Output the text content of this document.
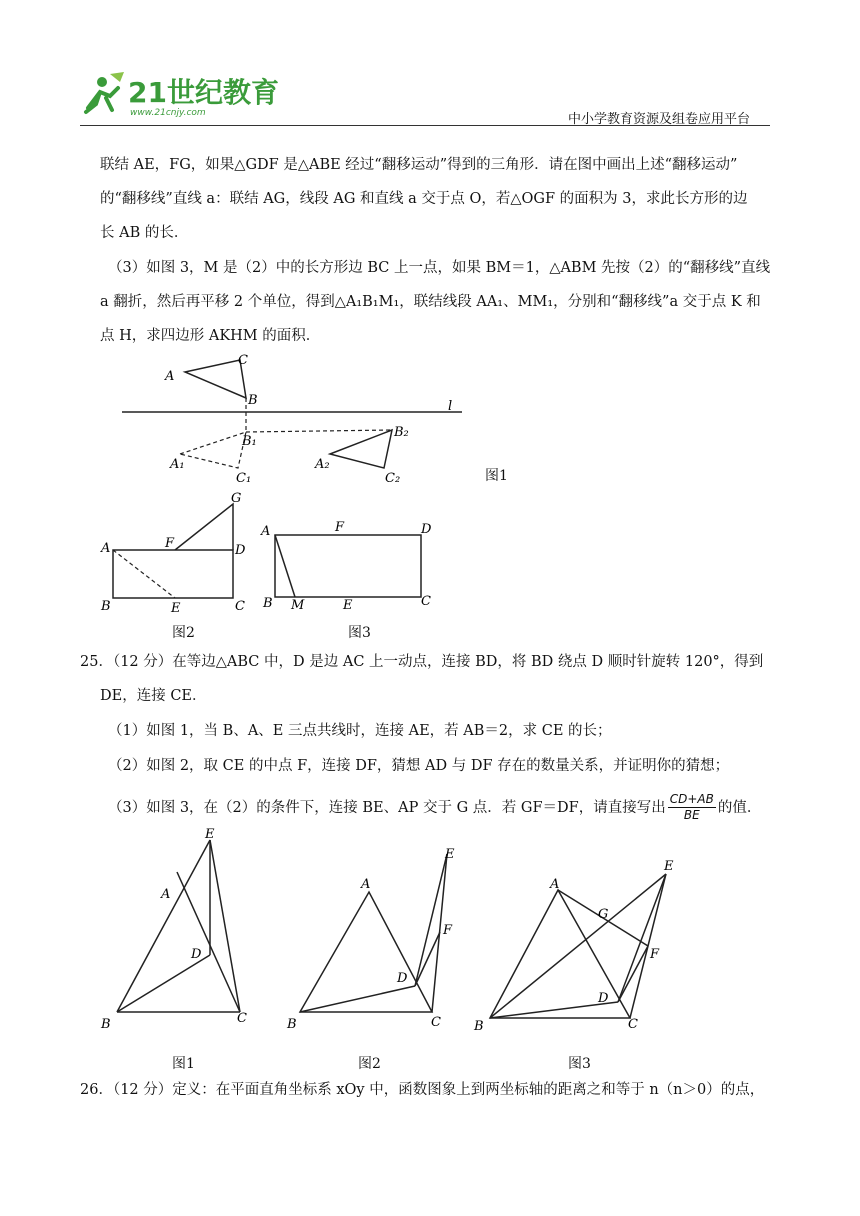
21世纪教育
www.21cnjy.com	中小学教育资源及组卷应用平台
联结 AE，FG，如果△GDF 是△ABE 经过“翻移运动”得到的三角形．请在图中画出上述“翻移运动”
的“翻移线”直线 a：联结 AG，线段 AG 和直线 a 交于点 O，若△OGF 的面积为 3，求此长方形的边
长 AB 的长．
（3）如图 3，M 是（2）中的长方形边 BC 上一点，如果 BM＝1，△ABM 先按（2）的“翻移线”直线
a 翻折，然后再平移 2 个单位，得到△A₁B₁M₁，联结线段 AA₁、MM₁，分别和“翻移线”a 交于点 K 和
点 H，求四边形 AKHM 的面积．
A
B
C
l
A₁
B₁
C₁
A₂
B₂
C₂	图1
A
B	C
D
E
F
G
图2
A
B	C
D
E
F
M
图3
25．（12 分）在等边△ABC 中，D 是边 AC 上一动点，连接 BD，将 BD 绕点 D 顺时针旋转 120°，得到
DE，连接 CE．
（1）如图 1，当 B、A、E 三点共线时，连接 AE，若 AB＝2，求 CE 的长；
（2）如图 2，取 CE 的中点 F，连接 DF，猜想 AD 与 DF 存在的数量关系，并证明你的猜想；
（3）如图 3，在（2）的条件下，连接 BE、AP 交于 G 点．若 GF＝DF，请直接写出 $\frac{CD+AB}{BE}$ 的值．
A
B	C
D
E
图1
A
B	C
D
E
F
图2
A
B	C
D
E
F
G
图3
26．（12 分）定义：在平面直角坐标系 xOy 中，函数图象上到两坐标轴的距离之和等于 n（n＞0）的点，
